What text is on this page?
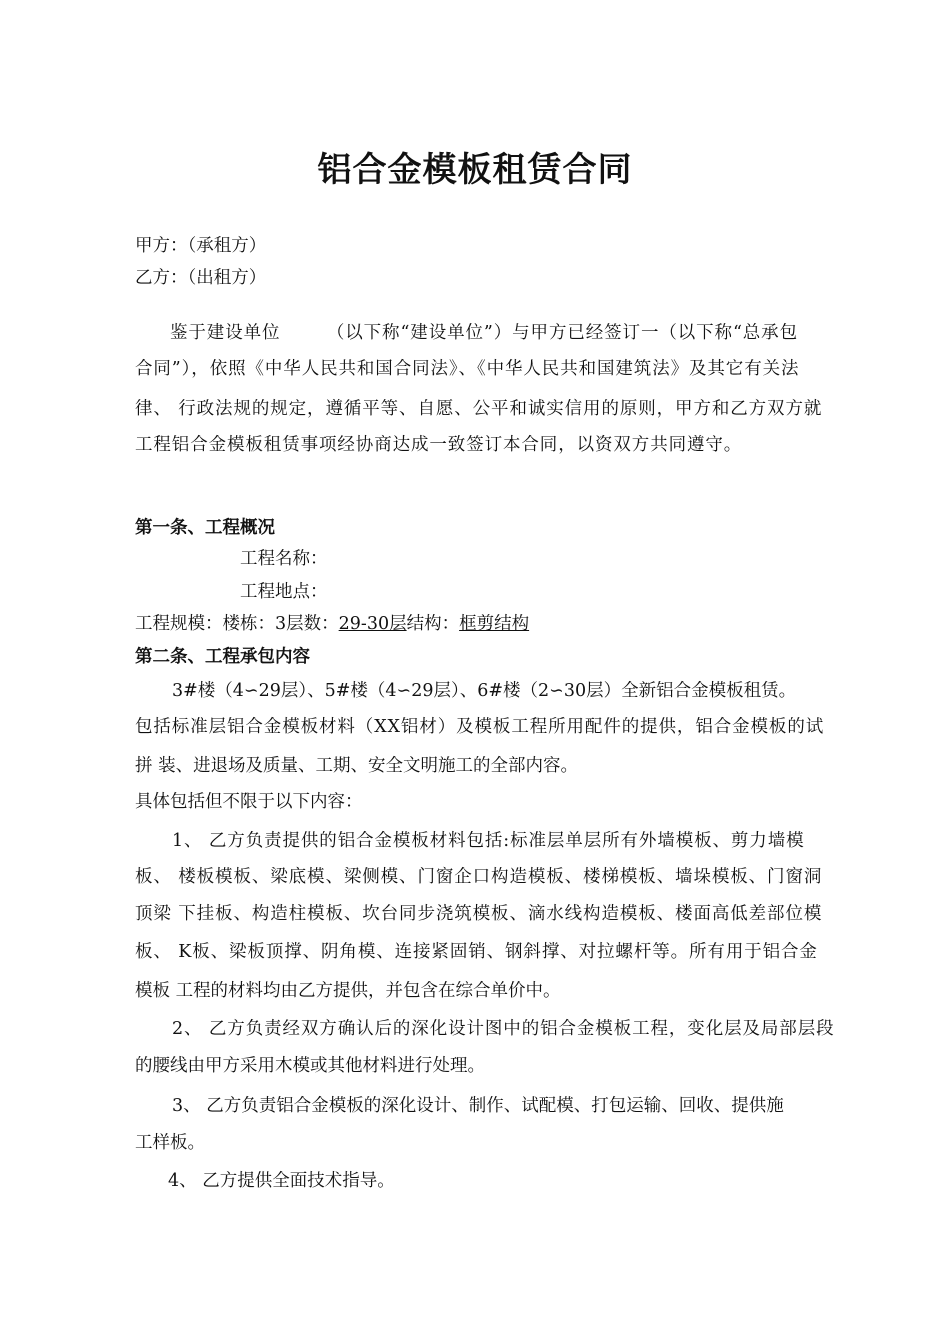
铝合金模板租赁合同
甲方：（承租方）
乙方：（出租方）
鉴于建设单位　　　（以下称“建设单位”）与甲方已经签订一（以下称“总承包
合同”），依照《中华人民共和国合同法》、《中华人民共和国建筑法》及其它有关法
律、 行政法规的规定，遵循平等、自愿、公平和诚实信用的原则，甲方和乙方双方就
工程铝合金模板租赁事项经协商达成一致签订本合同，以资双方共同遵守。
第一条、工程概况
工程名称：
工程地点：
工程规模：楼栋：3层数：29-30层结构：框剪结构
第二条、工程承包内容
3#楼（4∽29层）、5#楼（4∽29层）、6#楼（2∽30层）全新铝合金模板租赁。
包括标准层铝合金模板材料（XX铝材）及模板工程所用配件的提供，铝合金模板的试
拼 装、进退场及质量、工期、安全文明施工的全部内容。
具体包括但不限于以下内容：
1、 乙方负责提供的铝合金模板材料包括:标准层单层所有外墙模板、剪力墙模
板、 楼板模板、梁底模、梁侧模、门窗企口构造模板、楼梯模板、墙垛模板、门窗洞
顶梁 下挂板、构造柱模板、坎台同步浇筑模板、滴水线构造模板、楼面高低差部位模
板、 K板、梁板顶撑、阴角模、连接紧固销、钢斜撑、对拉螺杆等。所有用于铝合金
模板 工程的材料均由乙方提供，并包含在综合单价中。
2、 乙方负责经双方确认后的深化设计图中的铝合金模板工程，变化层及局部层段
的腰线由甲方采用木模或其他材料进行处理。
3、 乙方负责铝合金模板的深化设计、制作、试配模、打包运输、回收、提供施
工样板。
4、 乙方提供全面技术指导。
